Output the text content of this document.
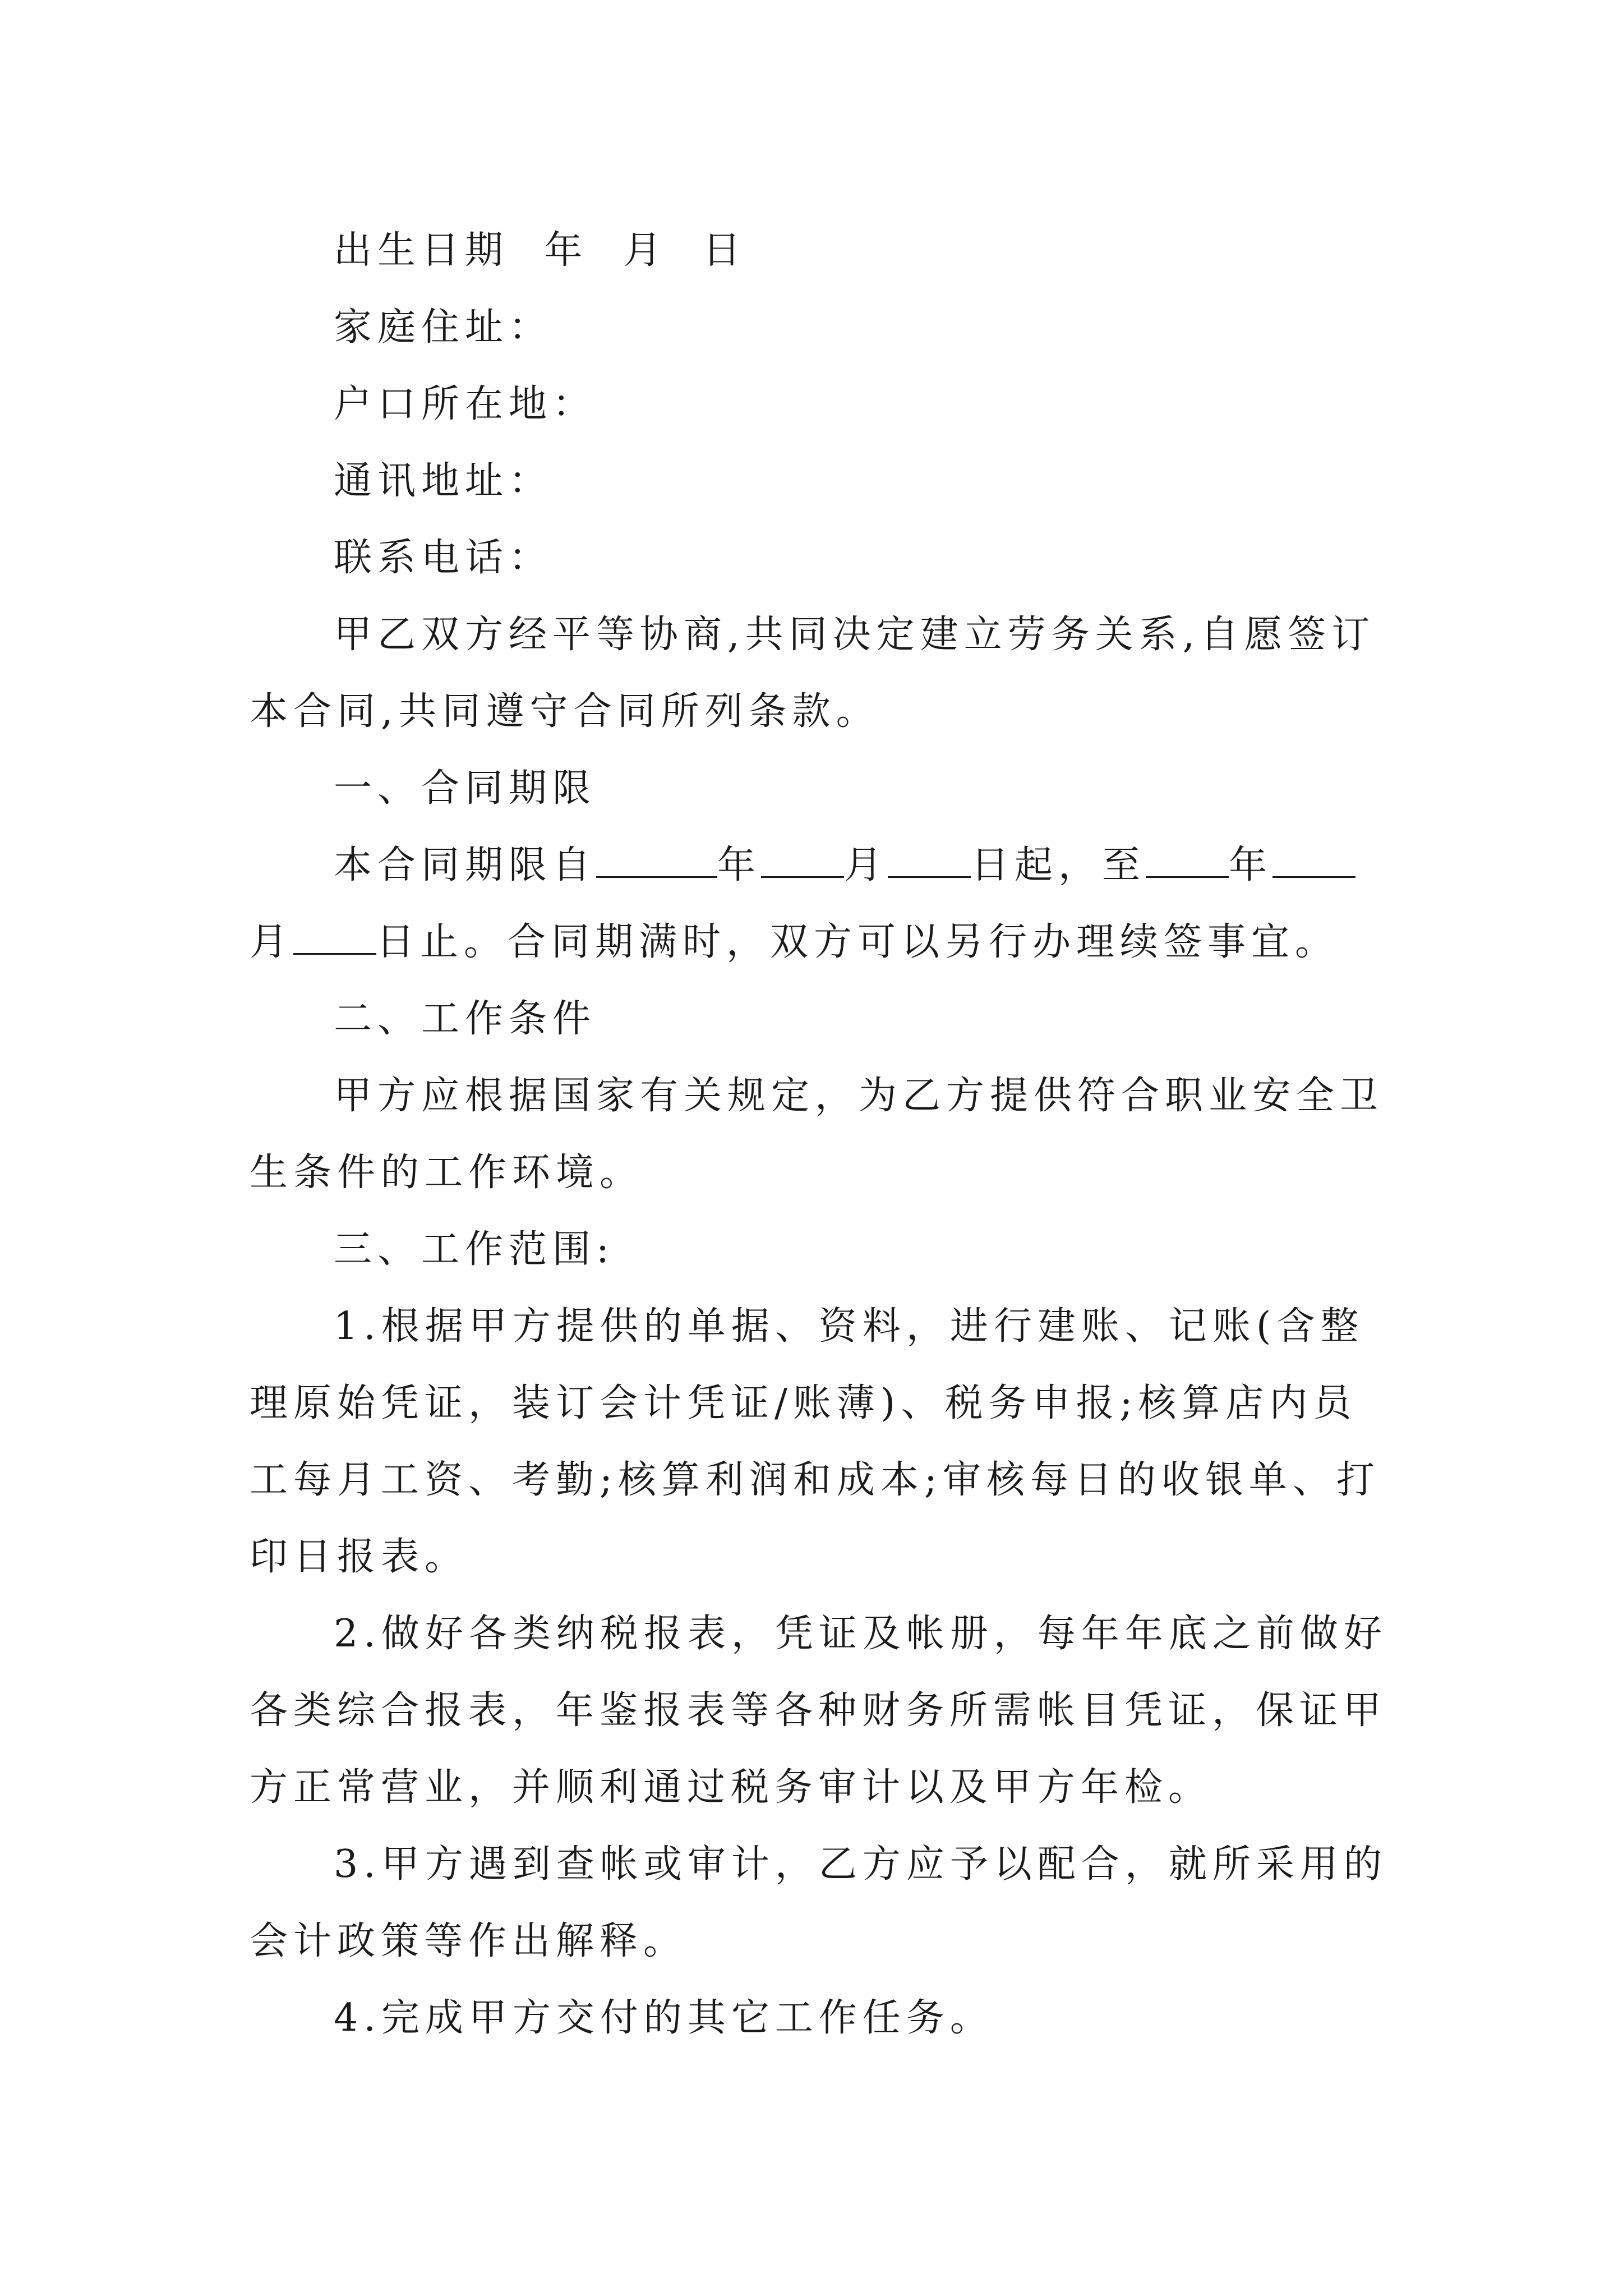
出生日期  年  月  日

家庭住址：

户口所在地：

通讯地址：

联系电话：

甲乙双方经平等协商,共同决定建立劳务关系,自愿签订本合同,共同遵守合同所列条款。

一、合同期限

本合同期限自	年 月 日起，至 年月 日止。合同期满时，双方可以另行办理续签事宜。

二、工作条件

甲方应根据国家有关规定，为乙方提供符合职业安全卫生条件的工作环境。

三、工作范围:

1.根据甲方提供的单据、资料，进行建账、记账(含整理原始凭证，装订会计凭证/账薄)、税务申报;核算店内员工每月工资、考勤;核算利润和成本;审核每日的收银单、打印日报表。

2.做好各类纳税报表，凭证及帐册，每年年底之前做好各类综合报表，年鉴报表等各种财务所需帐目凭证，保证甲方正常营业，并顺利通过税务审计以及甲方年检。

3.甲方遇到查帐或审计，乙方应予以配合，就所采用的会计政策等作出解释。

4.完成甲方交付的其它工作任务。
